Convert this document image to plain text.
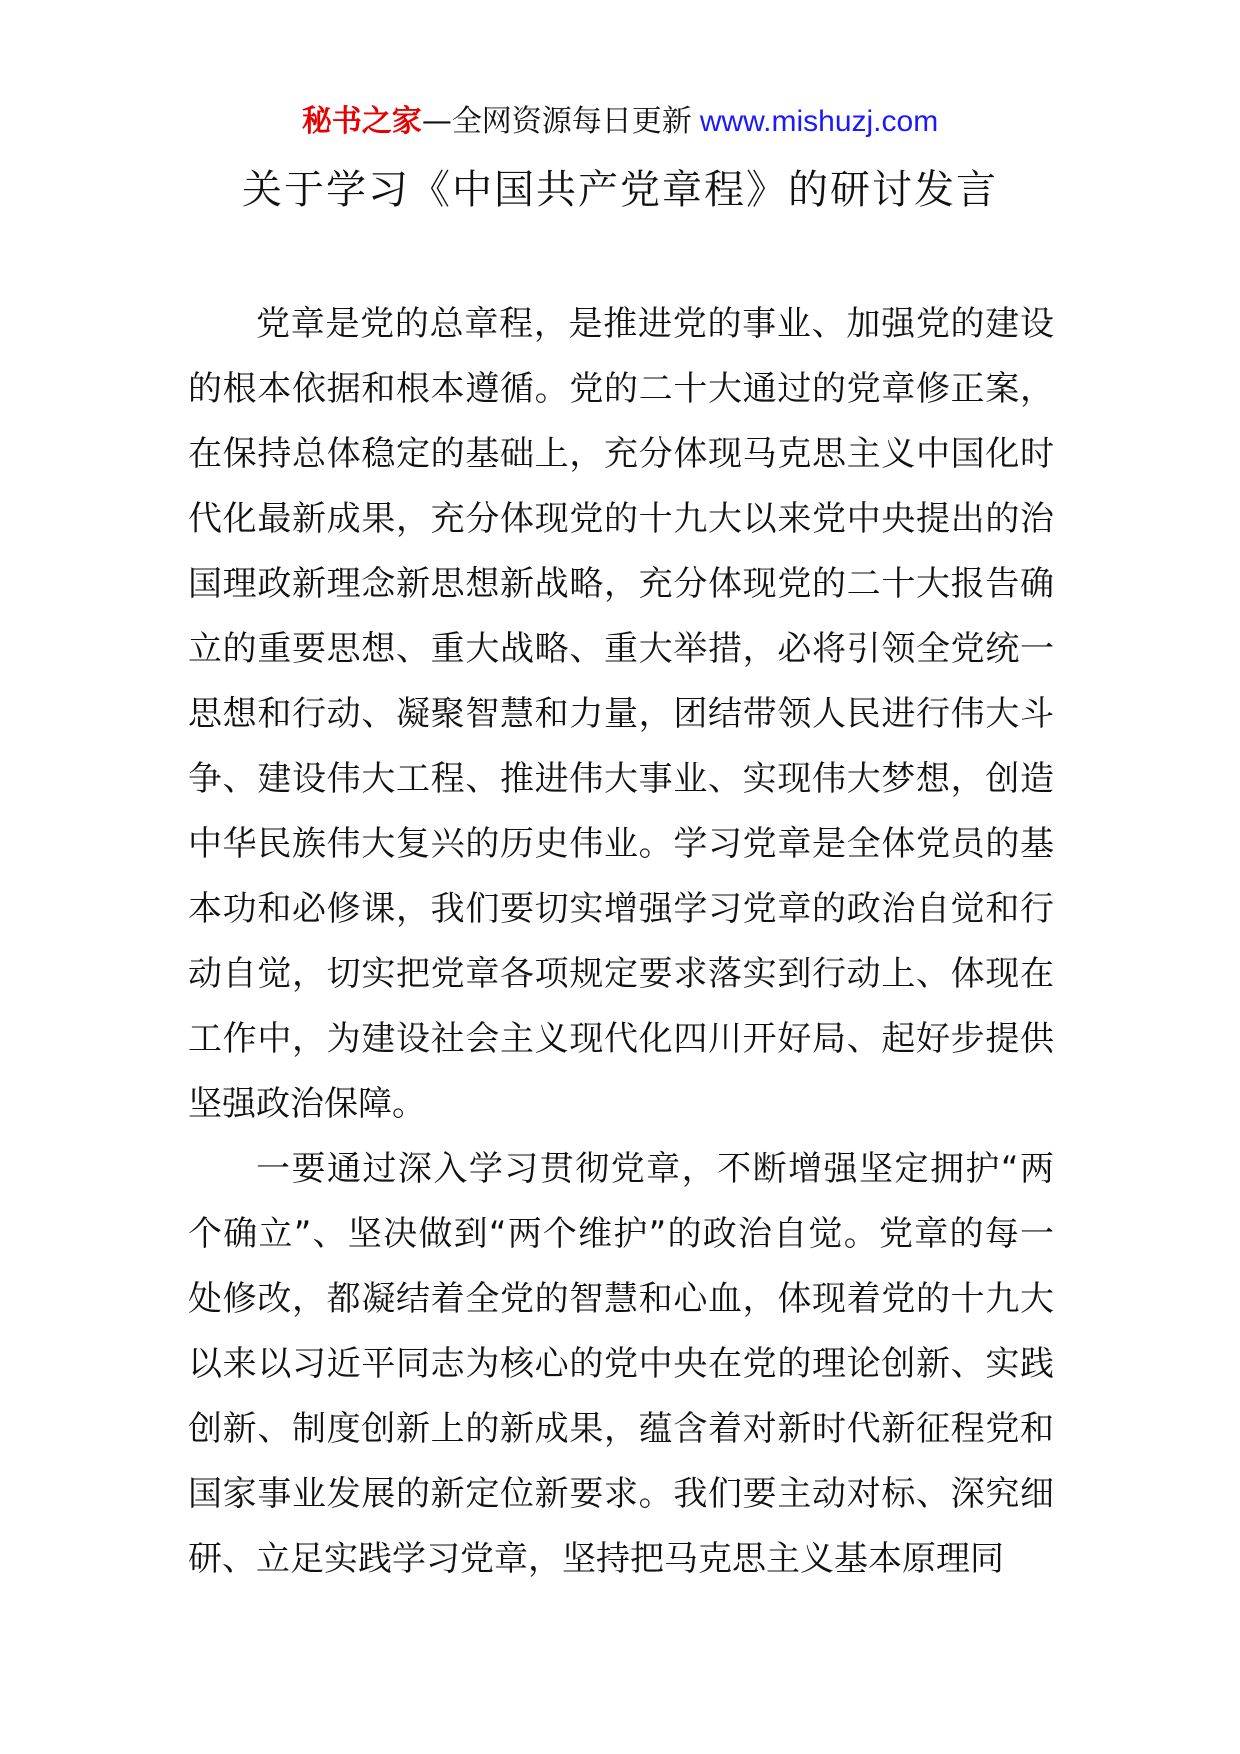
秘书之家—全网资源每日更新 www.mishuzj.com
关于学习《中国共产党章程》的研讨发言

党章是党的总章程，是推进党的事业、加强党的建设的根本依据和根本遵循。党的二十大通过的党章修正案，在保持总体稳定的基础上，充分体现马克思主义中国化时代化最新成果，充分体现党的十九大以来党中央提出的治国理政新理念新思想新战略，充分体现党的二十大报告确立的重要思想、重大战略、重大举措，必将引领全党统一思想和行动、凝聚智慧和力量，团结带领人民进行伟大斗争、建设伟大工程、推进伟大事业、实现伟大梦想，创造中华民族伟大复兴的历史伟业。学习党章是全体党员的基本功和必修课，我们要切实增强学习党章的政治自觉和行动自觉，切实把党章各项规定要求落实到行动上、体现在工作中，为建设社会主义现代化四川开好局、起好步提供坚强政治保障。

一要通过深入学习贯彻党章，不断增强坚定拥护“两个确立”、坚决做到“两个维护”的政治自觉。党章的每一处修改，都凝结着全党的智慧和心血，体现着党的十九大以来以习近平同志为核心的党中央在党的理论创新、实践创新、制度创新上的新成果，蕴含着对新时代新征程党和国家事业发展的新定位新要求。我们要主动对标、深究细研、立足实践学习党章，坚持把马克思主义基本原理同
